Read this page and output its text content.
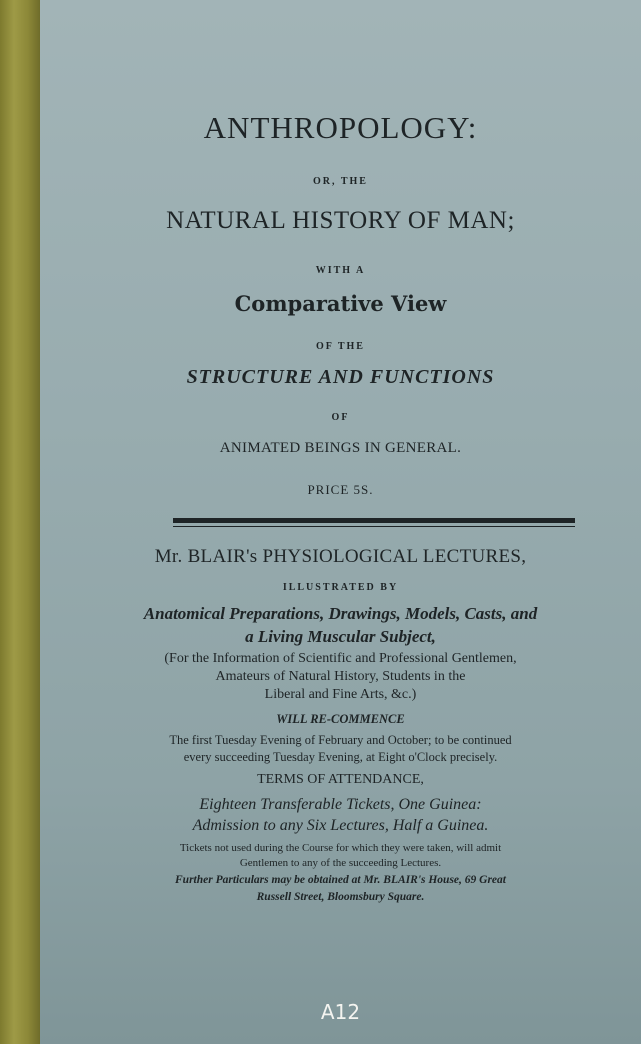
ANTHROPOLOGY:
OR, THE
NATURAL HISTORY OF MAN;
WITH A
Comparative View
OF THE
STRUCTURE AND FUNCTIONS
OF
ANIMATED BEINGS IN GENERAL.
PRICE 5S.
Mr. BLAIR's PHYSIOLOGICAL LECTURES,
ILLUSTRATED BY
Anatomical Preparations, Drawings, Models, Casts, and
a Living Muscular Subject,
(For the Information of Scientific and Professional Gentlemen,
Amateurs of Natural History, Students in the
Liberal and Fine Arts, &c.)
WILL RE-COMMENCE
The first Tuesday Evening of February and October; to be continued
every succeeding Tuesday Evening, at Eight o'Clock precisely.
TERMS OF ATTENDANCE,
Eighteen Transferable Tickets, One Guinea:
Admission to any Six Lectures, Half a Guinea.
Tickets not used during the Course for which they were taken, will admit
Gentlemen to any of the succeeding Lectures.
Further Particulars may be obtained at Mr. BLAIR's House, 69 Great
Russell Street, Bloomsbury Square.
A12
